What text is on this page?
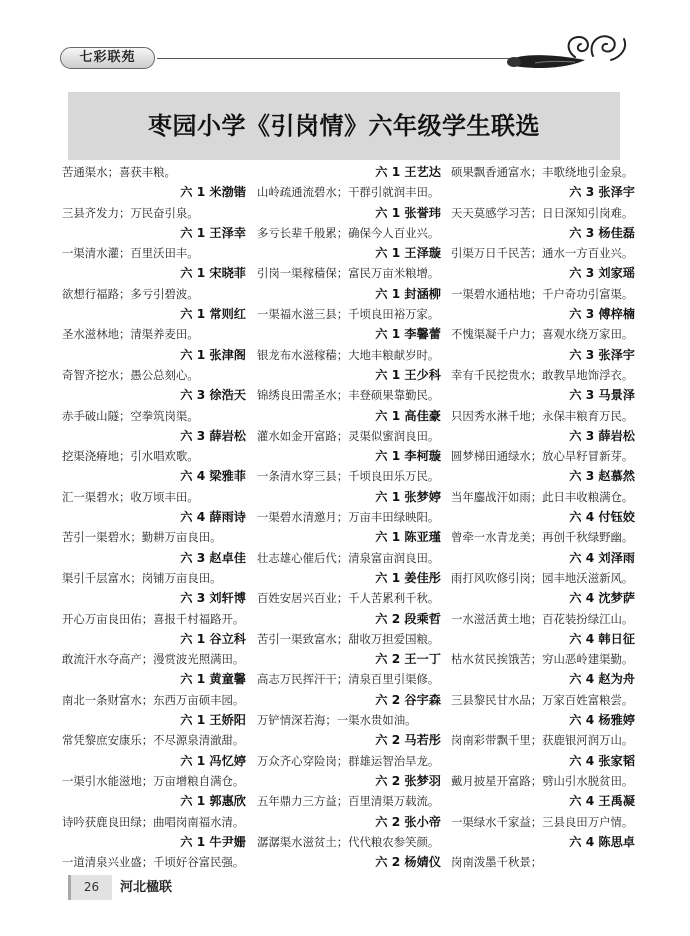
七彩联苑
枣园小学《引岗情》六年级学生联选
苦通渠水；喜获丰粮。
六 1 米渤锴
三县齐发力；万民奋引泉。
六 1 王泽幸
一渠清水灌；百里沃田丰。
六 1 宋晓菲
欲想行福路；多亏引碧波。
六 1 常则红
圣水滋林地；清渠养麦田。
六 1 张津阁
奇智齐挖水；愚公总刻心。
六 3 徐浩天
赤手破山隧；空拳筑岗渠。
六 3 薛岩松
挖渠浇瘠地；引水唱欢歌。
六 4 梁雅菲
汇一渠碧水；收万顷丰田。
六 4 薛雨诗
苦引一渠碧水；勤耕万亩良田。
六 3 赵卓佳
渠引千层富水；岗铺万亩良田。
六 3 刘轩博
开心万亩良田佑；喜报千村福路开。
六 1 谷立科
敢流汗水夺高产；漫赏波光照满田。
六 1 黄童馨
南北一条财富水；东西万亩硕丰园。
六 1 王娇阳
常凭黎庶安康乐；不尽源泉清澈甜。
六 1 冯忆婷
一渠引水能滋地；万亩增粮自满仓。
六 1 郭惠欣
诗吟获鹿良田绿；曲唱岗南福水清。
六 1 牛尹姗
一道清泉兴业盛；千顷好谷富民强。
六 1 王艺达
山岭疏通流碧水；干群引就润丰田。
六 1 张誉玮
多亏长辈千般累；确保今人百业兴。
六 1 王泽璇
引岗一渠稼穑保；富民万亩米粮增。
六 1 封涵柳
一渠福水滋三县；千顷良田裕万家。
六 1 李馨蕾
银龙布水滋稼穑；大地丰粮献岁时。
六 1 王少科
锦绣良田需圣水；丰登硕果靠勤民。
六 1 高佳豪
灌水如金开富路；灵渠似蜜润良田。
六 1 李柯璇
一条清水穿三县；千顷良田乐万民。
六 1 张梦婷
一渠碧水清邀月；万亩丰田绿映阳。
六 1 陈亚瑾
壮志雄心催后代；清泉富亩润良田。
六 1 姜佳彤
百姓安居兴百业；千人苦累利千秋。
六 2 段乘哲
苦引一渠致富水；甜收万担爱国粮。
六 2 王一丁
高志万民挥汗干；清泉百里引渠修。
六 2 谷宇森
万铲情深若海；一渠水贵如油。
六 2 马若彤
万众齐心穿险岗；群雄运智治旱龙。
六 2 张梦羽
五年鼎力三方益；百里清渠万载流。
六 2 张小帝
潺潺渠水滋贫土；代代粮农参笑颜。
六 2 杨婧仪
硕果飘香通富水；丰歌绕地引金泉。
六 3 张泽宇
天天莫感学习苦；日日深知引岗难。
六 3 杨佳磊
引渠万日千民苦；通水一方百业兴。
六 3 刘家瑶
一渠碧水通枯地；千户奇功引富渠。
六 3 傅梓楠
不愧渠凝千户力；喜观水绕万家田。
六 3 张泽宇
幸有千民挖贵水；敢教旱地饰浮衣。
六 3 马景泽
只因秀水淋千地；永保丰粮育万民。
六 3 薛岩松
圆梦梯田通绿水；放心旱籽冒新芽。
六 3 赵慕然
当年鏖战汗如雨；此日丰收粮满仓。
六 4 付钰姣
曾牵一水青龙美；再创千秋绿野幽。
六 4 刘泽雨
雨打风吹修引岗；园丰地沃滋新风。
六 4 沈梦萨
一水滋活黄土地；百花装扮绿江山。
六 4 韩日征
枯水贫民挨饿苦；穷山恶岭建渠勤。
六 4 赵为舟
三县黎民甘水品；万家百姓富粮尝。
六 4 杨雅婷
岗南彩带飘千里；获鹿银河润万山。
六 4 张家韬
戴月披星开富路；劈山引水脱贫田。
六 4 王禹凝
一渠绿水千家益；三县良田万户情。
六 4 陈思卓
岗南泼墨千秋景；
26	河北楹联
